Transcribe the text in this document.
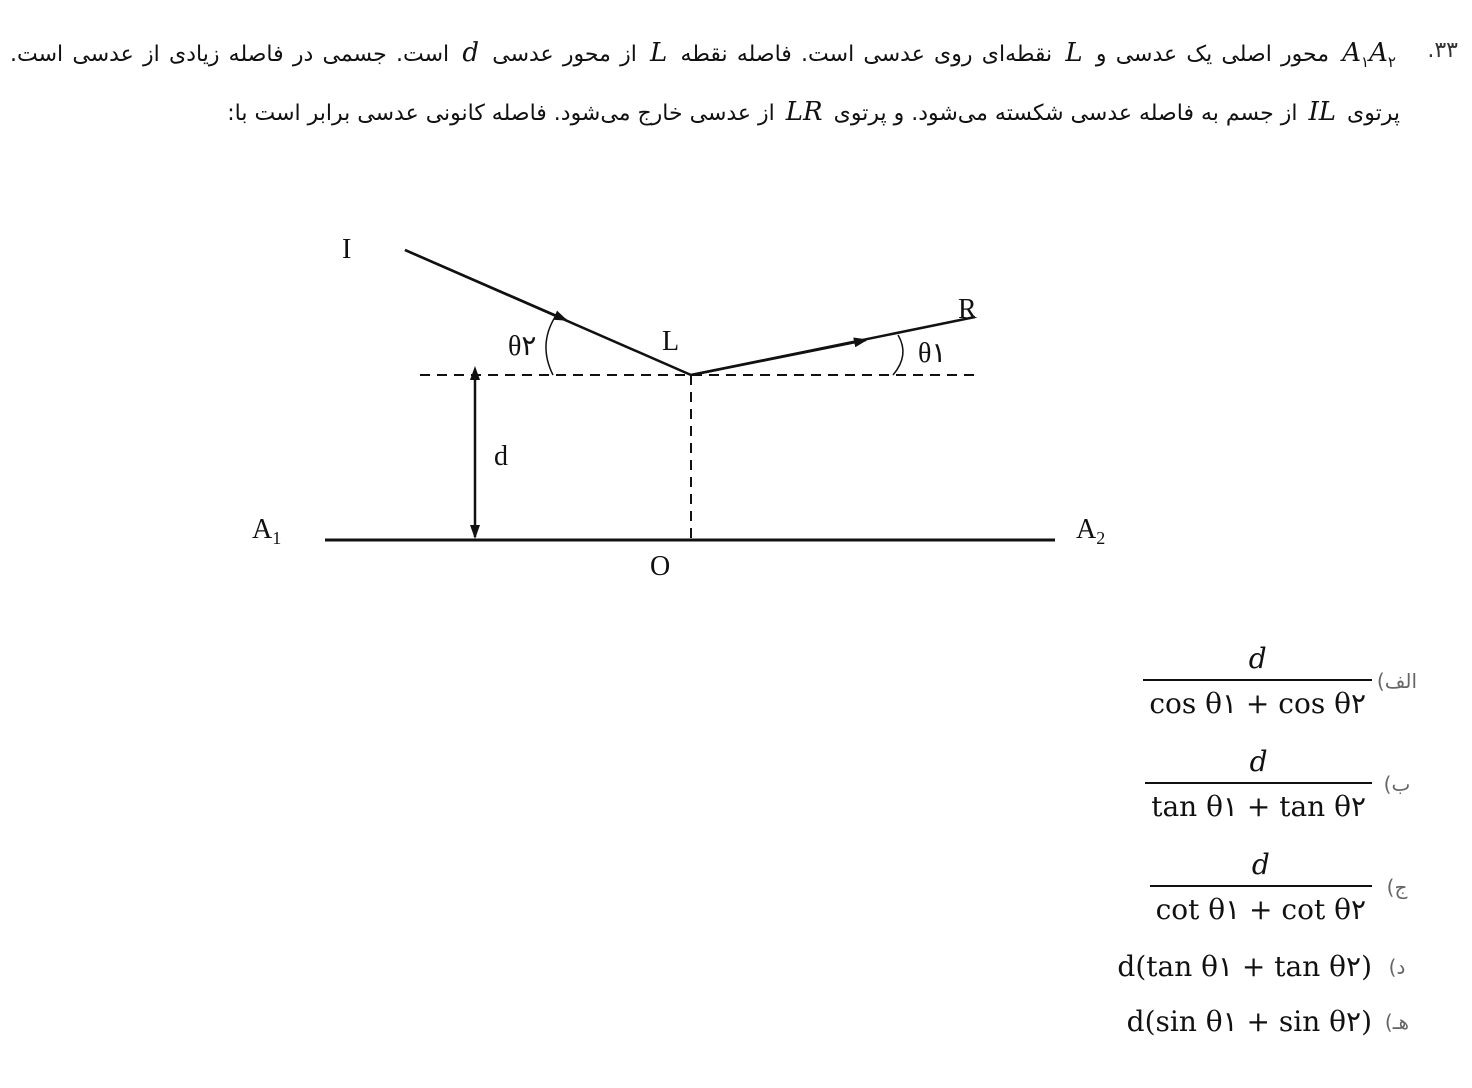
.۳۳
$A_۱A_۲$ محور اصلی یک عدسی و L نقطه‌ای روی عدسی است. فاصله نقطه L از محور عدسی d است. جسمی در فاصله زیادی از عدسی است. پرتوی IL از جسم به فاصله عدسی شکسته می‌شود. و پرتوی LR از عدسی خارج می‌شود. فاصله کانونی عدسی برابر است با:
I
L
R
θ۲	θ۱
d
O
$A_1$	$A_2$
الف)
$\frac{d}{\text{cos θ۱ + cos θ۲}}$
ب)
$\frac{d}{\text{tan θ۱ + tan θ۲}}$
ج)
$\frac{d}{\text{cot θ۱ + cot θ۲}}$
د)
d(tan θ۱ + tan θ۲)
هـ)
d(sin θ۱ + sin θ۲)
